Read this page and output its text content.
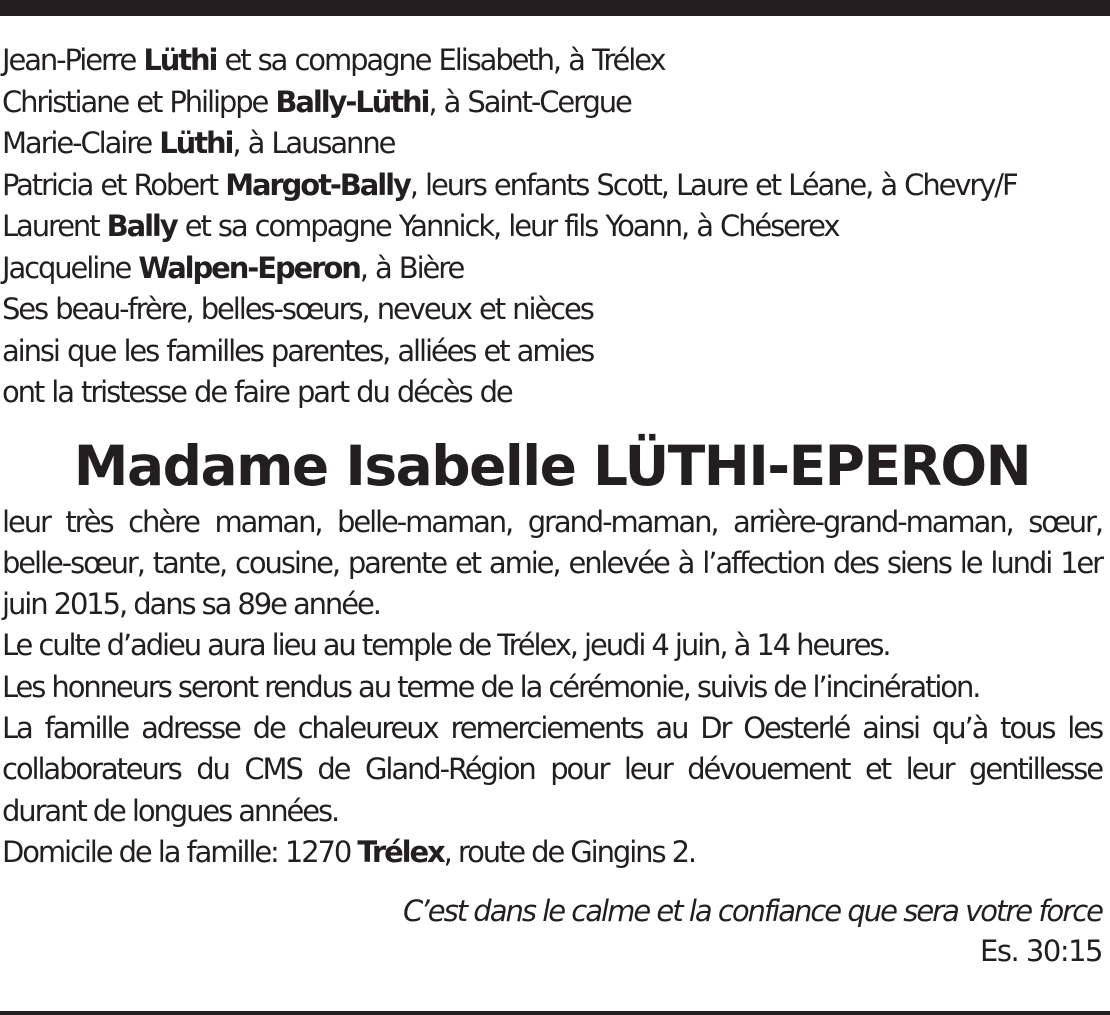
Jean-Pierre Lüthi et sa compagne Elisabeth, à Trélex
Christiane et Philippe Bally-Lüthi, à Saint-Cergue
Marie-Claire Lüthi, à Lausanne
Patricia et Robert Margot-Bally, leurs enfants Scott, Laure et Léane, à Chevry/F
Laurent Bally et sa compagne Yannick, leur fils Yoann, à Chéserex
Jacqueline Walpen-Eperon, à Bière
Ses beau-frère, belles-sœurs, neveux et nièces
ainsi que les familles parentes, alliées et amies
ont la tristesse de faire part du décès de
Madame Isabelle LÜTHI-EPERON

leur très chère maman, belle-maman, grand-maman, arrière-grand-maman, sœur, belle-sœur, tante, cousine, parente et amie, enlevée à l’affection des siens le lundi 1er juin 2015, dans sa 89e année.

Le culte d’adieu aura lieu au temple de Trélex, jeudi 4 juin, à 14 heures.

Les honneurs seront rendus au terme de la cérémonie, suivis de l’incinération.

La famille adresse de chaleureux remerciements au Dr Oesterlé ainsi qu’à tous les collaborateurs du CMS de Gland-Région pour leur dévouement et leur gentillesse durant de longues années.

Domicile de la famille: 1270 Trélex, route de Gingins 2.

C’est dans le calme et la confiance que sera votre force
Es. 30:15
